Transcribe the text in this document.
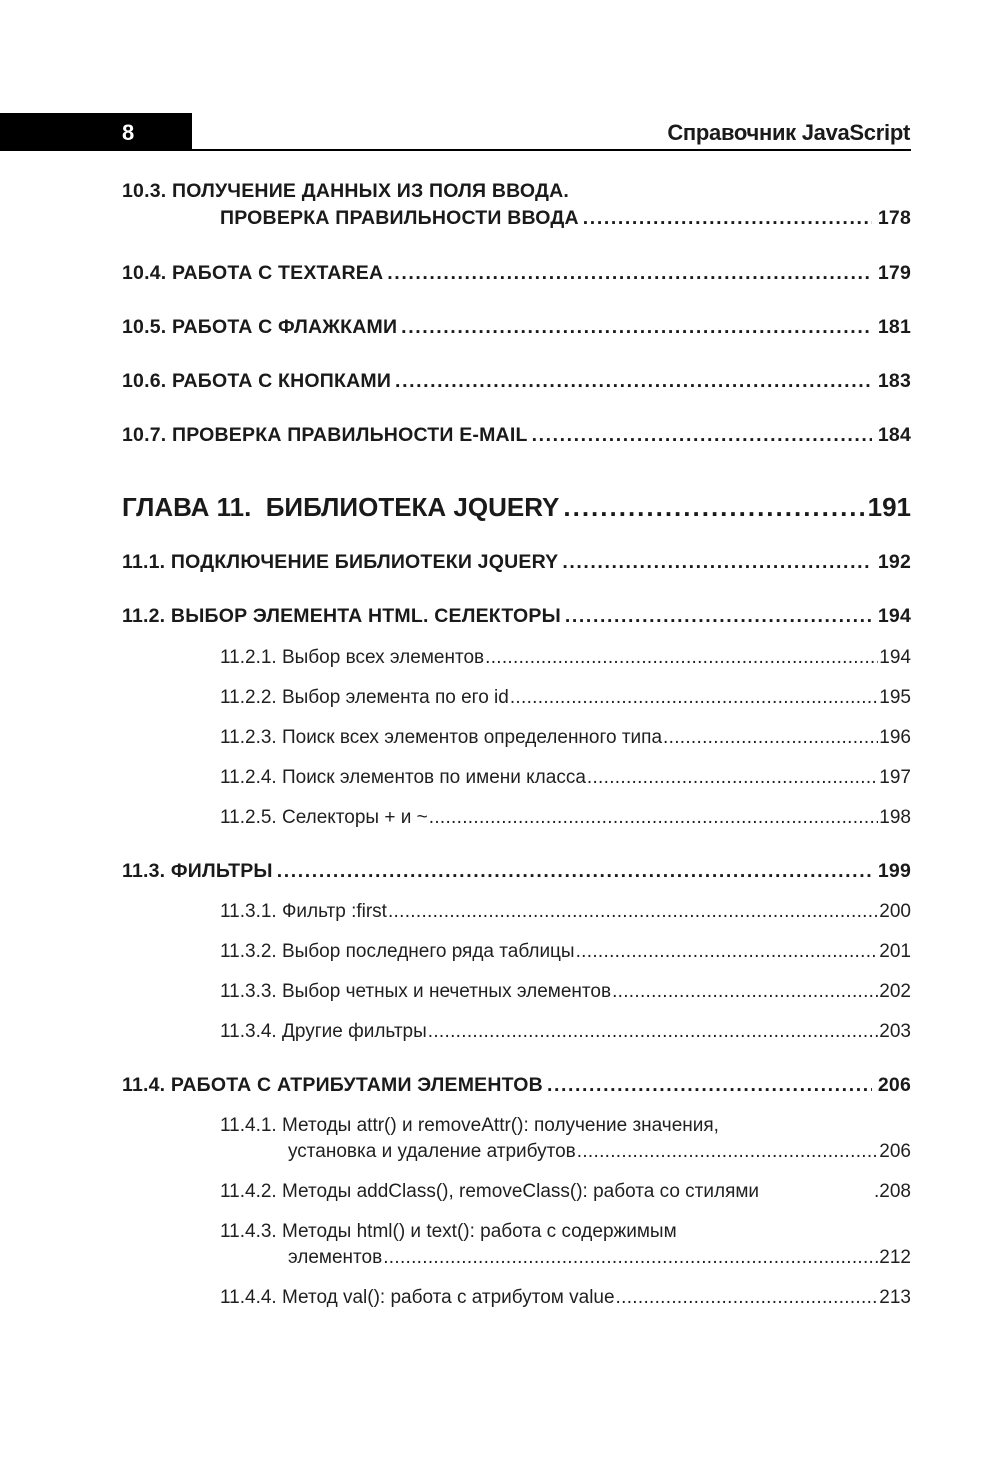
8	Справочник JavaScript
10.3. ПОЛУЧЕНИЕ ДАННЫХ ИЗ ПОЛЯ ВВОДА.
ПРОВЕРКА ПРАВИЛЬНОСТИ ВВОДА .....	178
10.4. РАБОТА С TEXTAREA .....	179
10.5. РАБОТА С ФЛАЖКАМИ .....	181
10.6. РАБОТА С КНОПКАМИ .....	183
10.7. ПРОВЕРКА ПРАВИЛЬНОСТИ E-MAIL .....	184
ГЛАВА 11.  БИБЛИОТЕКА JQUERY .....	191
11.1. ПОДКЛЮЧЕНИЕ БИБЛИОТЕКИ JQUERY .....	192
11.2. ВЫБОР ЭЛЕМЕНТА HTML. СЕЛЕКТОРЫ .....	194
11.2.1. Выбор всех элементов .....	194
11.2.2. Выбор элемента по его id .....	195
11.2.3. Поиск всех элементов определенного типа .....	196
11.2.4. Поиск элементов по имени класса .....	197
11.2.5. Селекторы + и ~ .....	198
11.3. ФИЛЬТРЫ .....	199
11.3.1. Фильтр :first .....	200
11.3.2. Выбор последнего ряда таблицы .....	201
11.3.3. Выбор четных и нечетных элементов .....	202
11.3.4. Другие фильтры .....	203
11.4. РАБОТА С АТРИБУТАМИ ЭЛЕМЕНТОВ .....	206
11.4.1. Методы attr() и removeAttr(): получение значения,
установка и удаление атрибутов .....	206
11.4.2. Методы addClass(), removeClass(): работа со стилями	.208
11.4.3. Методы html() и text(): работа с содержимым
элементов .....	212
11.4.4. Метод val(): работа с атрибутом value .....	213
